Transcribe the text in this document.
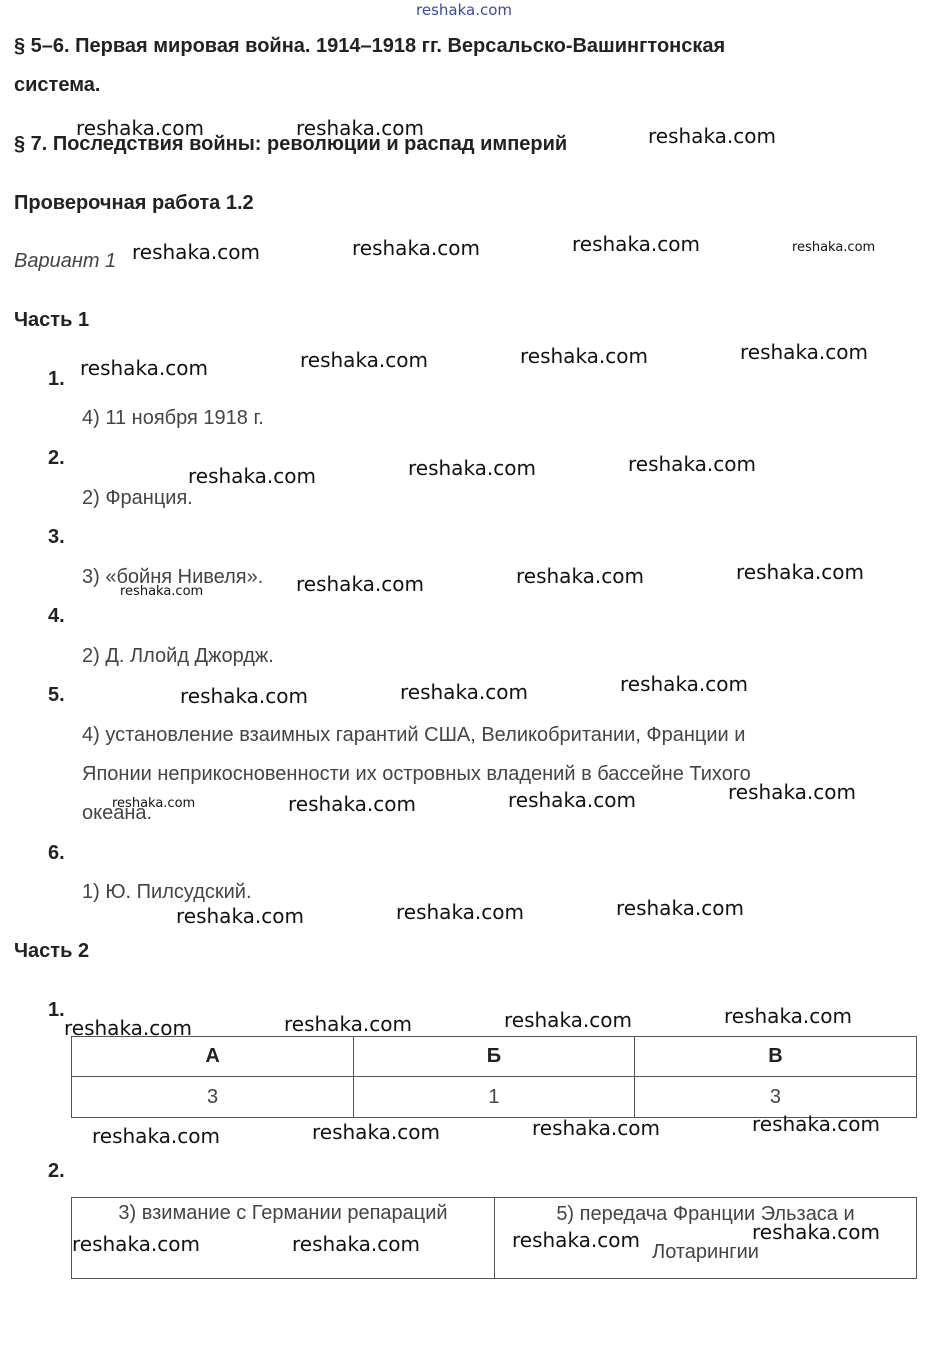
reshaka.com
§ 5–6. Первая мировая война. 1914–1918 гг. Версальско-Вашингтонская
система.
§ 7. Последствия войны: революции и распад империй
Проверочная работа 1.2
Вариант 1
Часть 1
1.
4) 11 ноября 1918 г.
2.
2) Франция.
3.
3) «бойня Нивеля».
4.
2) Д. Ллойд Джордж.
5.
4) установление взаимных гарантий США, Великобритании, Франции и
Японии неприкосновенности их островных владений в бассейне Тихого
океана.
6.
1) Ю. Пилсудский.
Часть 2
1.
А	Б	В
3	1	3
2.
3) взимание с Германии репараций	5) передача Франции Эльзаса и
Лотарингии
reshaka.com	reshaka.com	reshaka.com
reshaka.com	reshaka.com	reshaka.com	reshaka.com
reshaka.com	reshaka.com	reshaka.com	reshaka.com
reshaka.com	reshaka.com	reshaka.com
reshaka.com	reshaka.com	reshaka.com	reshaka.com
reshaka.com	reshaka.com	reshaka.com
reshaka.com	reshaka.com	reshaka.com	reshaka.com
reshaka.com	reshaka.com	reshaka.com
reshaka.com	reshaka.com	reshaka.com	reshaka.com
reshaka.com	reshaka.com	reshaka.com	reshaka.com
reshaka.com	reshaka.com	reshaka.com	reshaka.com
